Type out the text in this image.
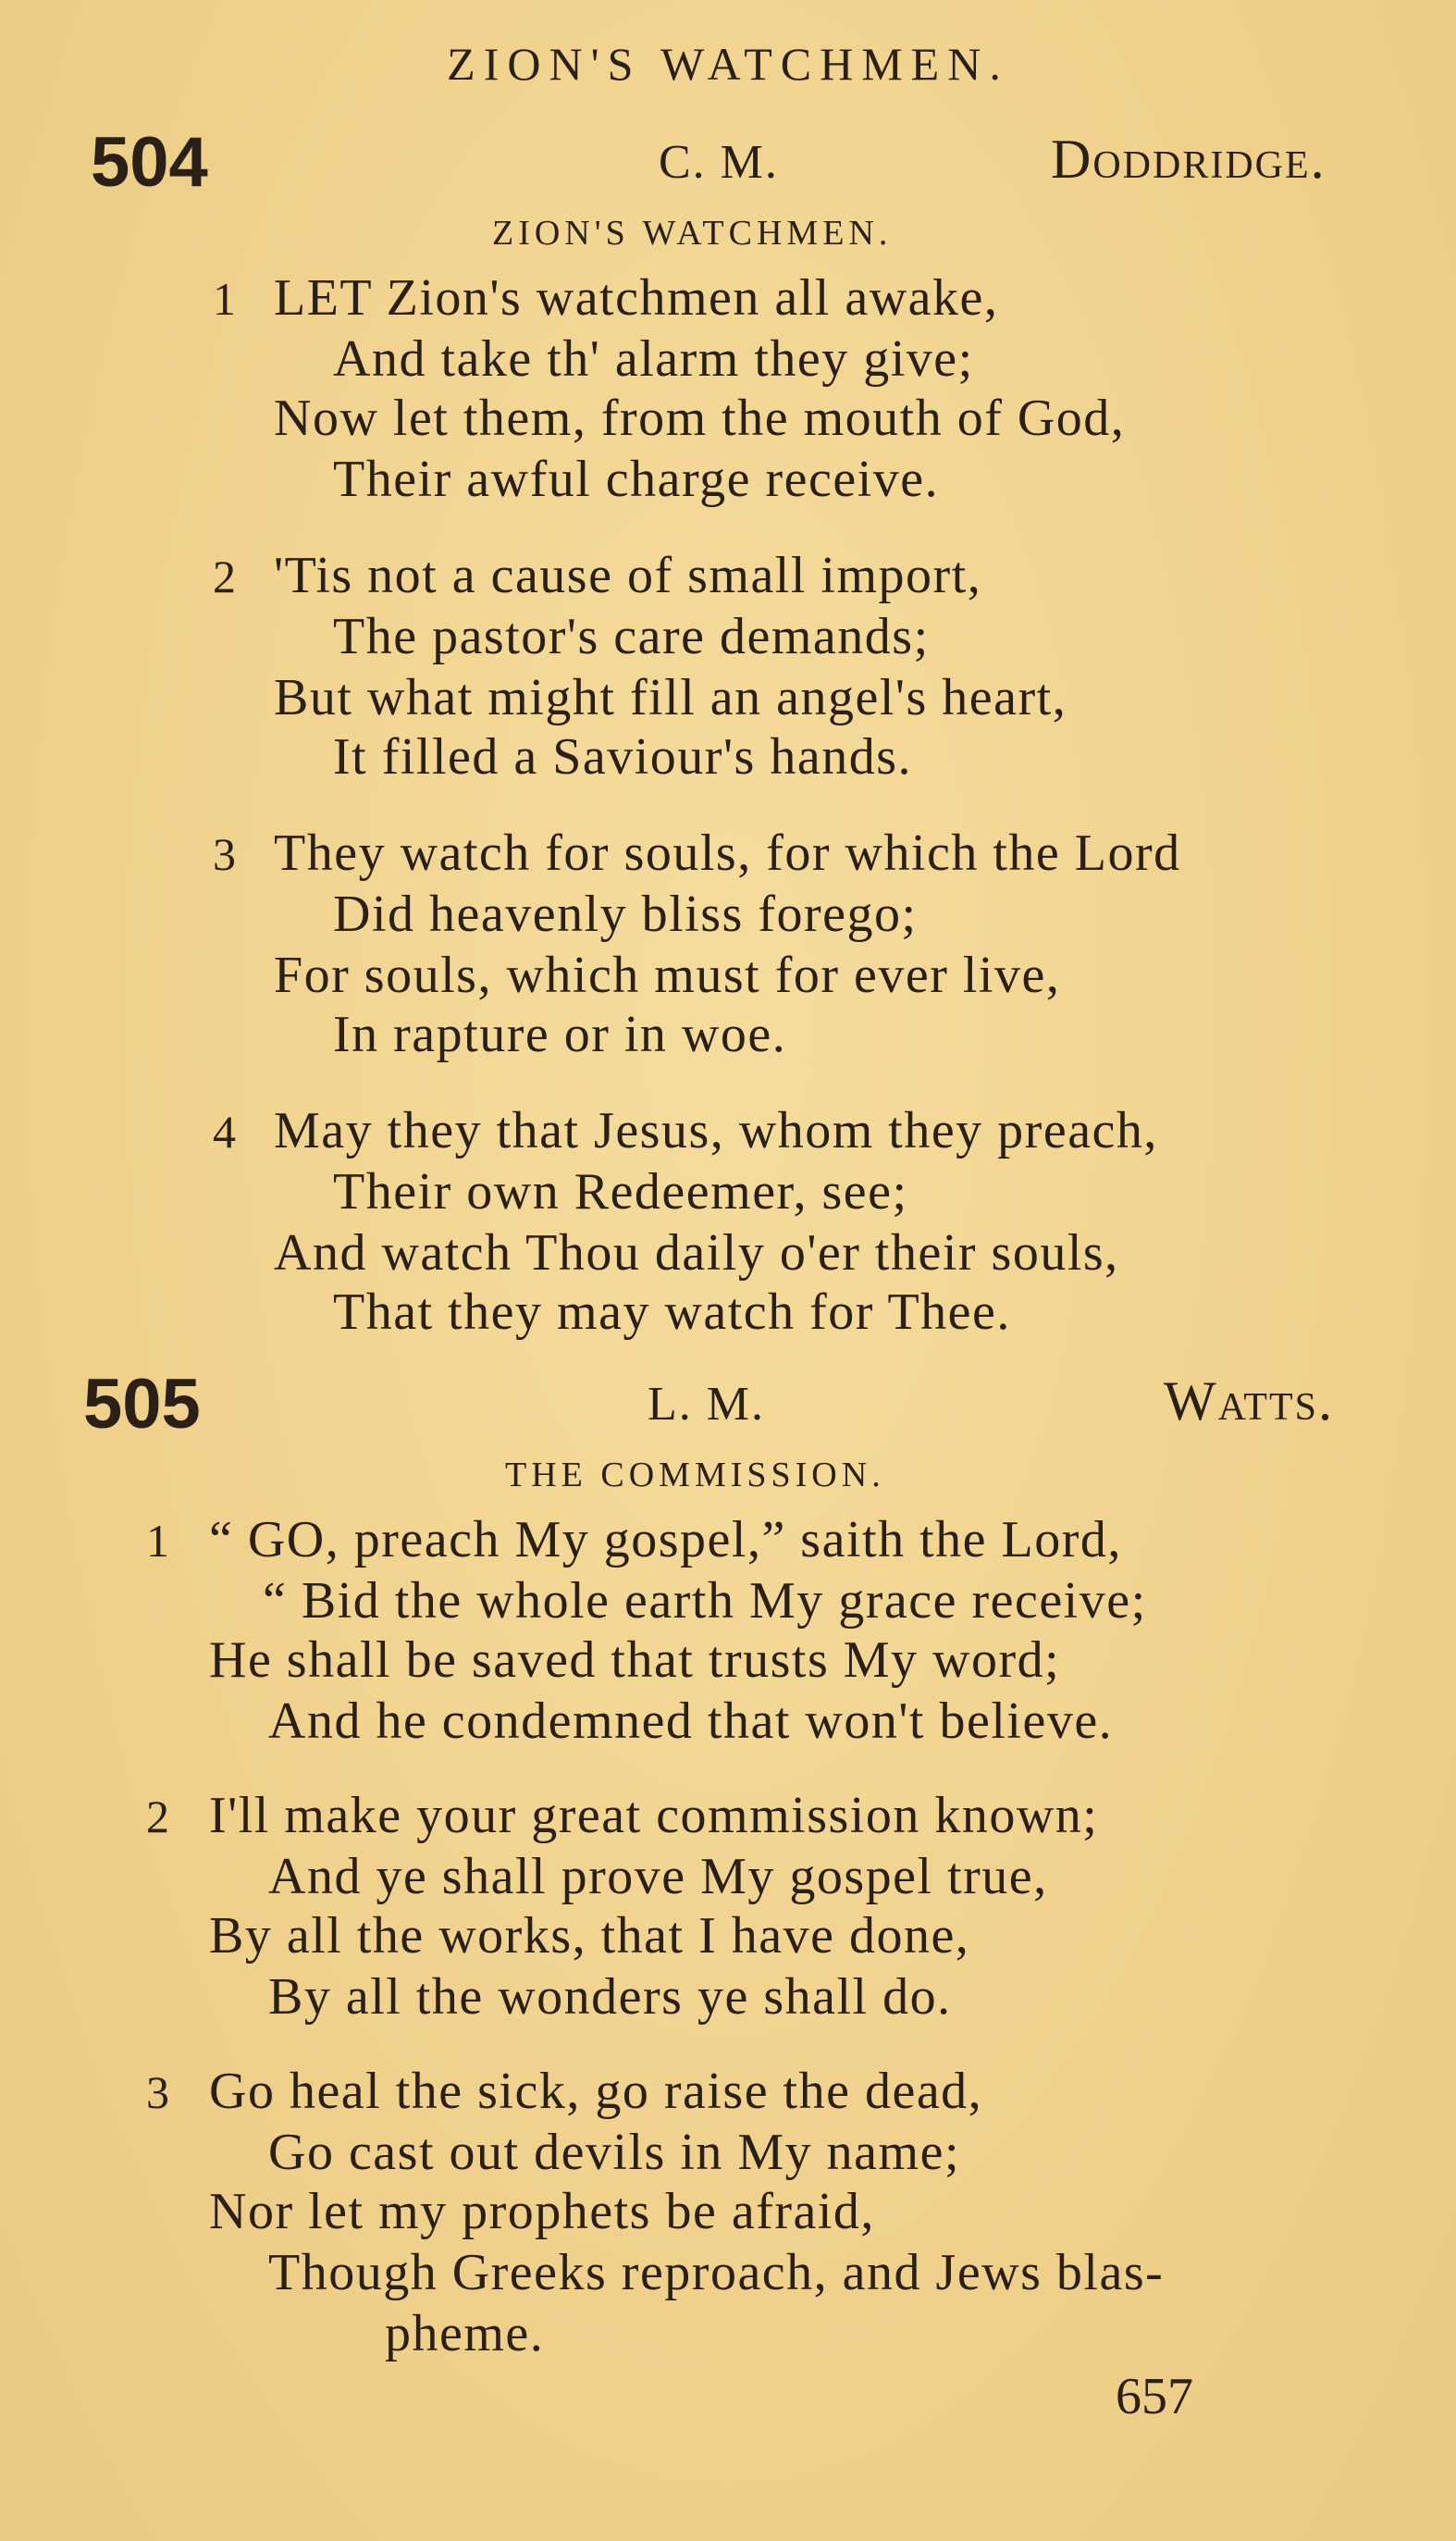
ZION'S WATCHMEN.
504	C. M.	Doddridge.
ZION'S WATCHMEN.
1 LET Zion's watchmen all awake,
And take th' alarm they give;
Now let them, from the mouth of God,
Their awful charge receive.
2 'Tis not a cause of small import,
The pastor's care demands;
But what might fill an angel's heart,
It filled a Saviour's hands.
3 They watch for souls, for which the Lord
Did heavenly bliss forego;
For souls, which must for ever live,
In rapture or in woe.
4 May they that Jesus, whom they preach,
Their own Redeemer, see;
And watch Thou daily o'er their souls,
That they may watch for Thee.
505	L. M.	Watts.
THE COMMISSION.
1 “ GO, preach My gospel,” saith the Lord,
“ Bid the whole earth My grace receive;
He shall be saved that trusts My word;
And he condemned that won't believe.
2 I'll make your great commission known;
And ye shall prove My gospel true,
By all the works, that I have done,
By all the wonders ye shall do.
3 Go heal the sick, go raise the dead,
Go cast out devils in My name;
Nor let my prophets be afraid,
Though Greeks reproach, and Jews blas-
pheme.
657
